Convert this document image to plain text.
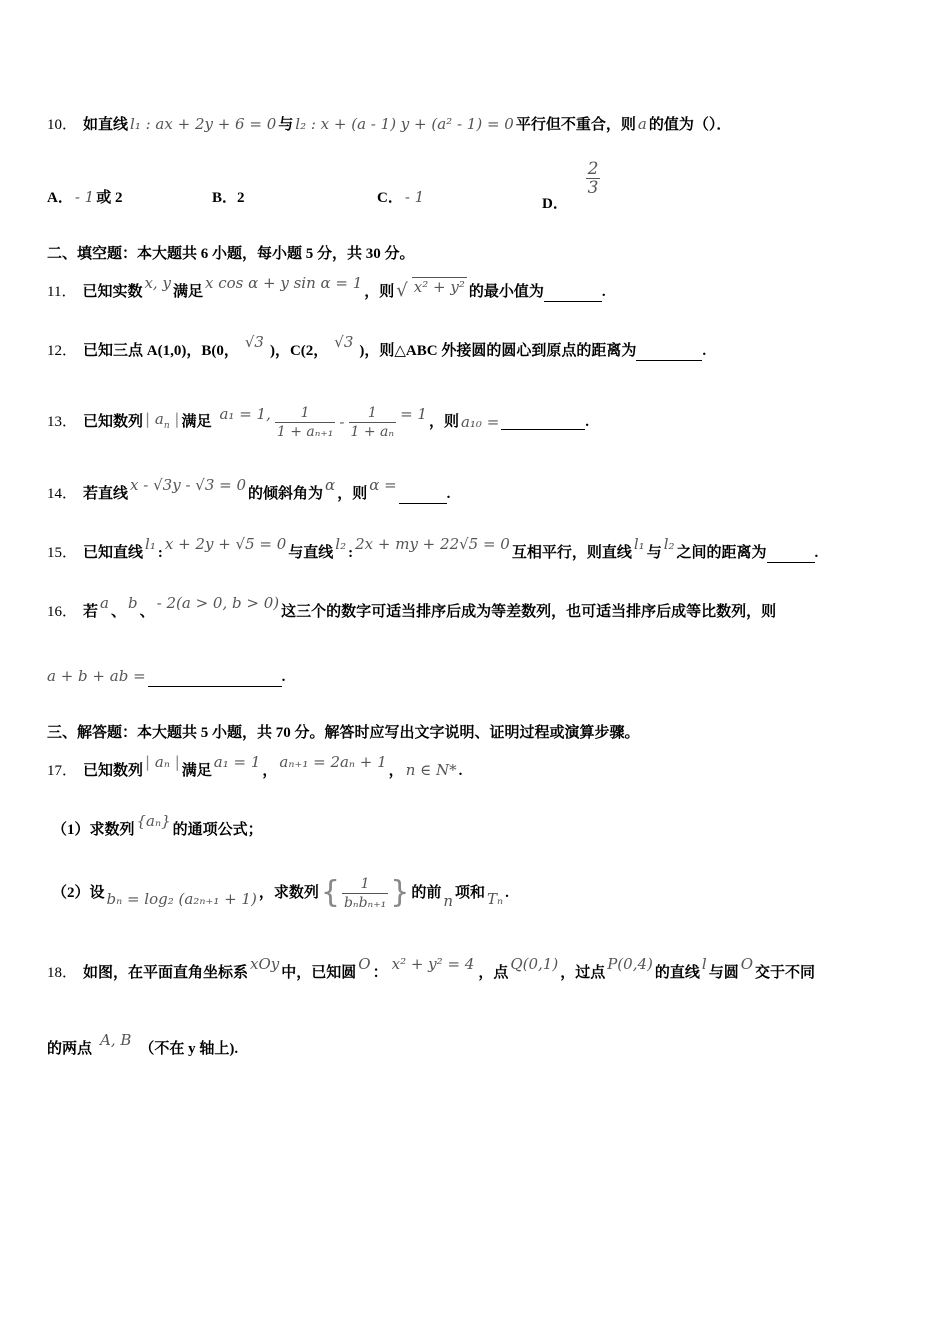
10． 如直线 l₁ : ax + 2y + 6 = 0 与 l₂ : x + (a - 1) y + (a² - 1) = 0 平行但不重合，则 a 的值为（）．
A． - 1 或 2	B．2	C． - 1	D．
$\frac{2}{3}$
二、填空题：本大题共 6 小题，每小题 5 分，共 30 分。
11． 已知实数 x, y 满足 x cos α + y sin α = 1 ，则 √ x² + y² 的最小值为	.
12． 已知三点 A(1,0)，B(0， √3 )，C(2， √3 )，则△ABC 外接圆的圆心到原点的距离为	.
13． 已知数列 | $a_n$ | 满足 a₁ = 1, $\frac{1}{\text{1 + aₙ₊₁}} - \frac{1}{\text{1 + aₙ}} = 1$ ，则 a₁₀ =	.
14． 若直线 x - √3y - √3 = 0 的倾斜角为 α ，则 α =	.
15． 已知直线 l₁ : x + 2y + √5 = 0 与直线 l₂ : 2x + my + 22√5 = 0 互相平行，则直线 l₁ 与 l₂ 之间的距离为	.
16． 若 a 、 b 、 - 2(a > 0, b > 0) 这三个的数字可适当排序后成为等差数列，也可适当排序后成等比数列，则
a + b + ab =	.
三、解答题：本大题共 5 小题，共 70 分。解答时应写出文字说明、证明过程或演算步骤。
17． 已知数列 | aₙ | 满足 a₁ = 1 ， aₙ₊₁ = 2aₙ + 1 ， n ∈ N* .
（1）求数列 {aₙ} 的通项公式；
（2）设 bₙ = log₂ (a₂ₙ₊₁ + 1) ，求数列 { $\frac{1}{\text{bₙbₙ₊₁}}$ } 的前 n 项和 Tₙ .
18． 如图，在平面直角坐标系 xOy 中，已知圆 O ： x² + y² = 4 ，点 Q(0,1) ，过点 P(0,4) 的直线 l 与圆 O 交于不同
的两点 A, B （不在 y 轴上).
